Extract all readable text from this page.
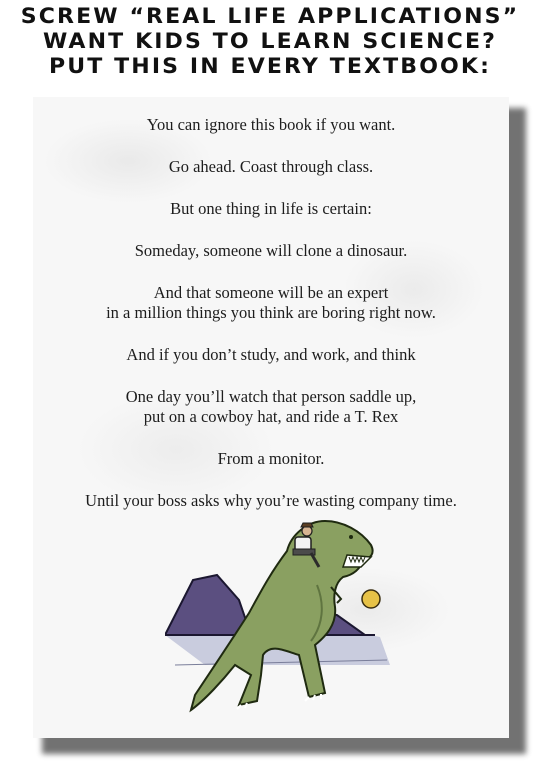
SCREW “REAL LIFE APPLICATIONS”
WANT KIDS TO LEARN SCIENCE?
PUT THIS IN EVERY TEXTBOOK:

You can ignore this book if you want.

Go ahead. Coast through class.

But one thing in life is certain:

Someday, someone will clone a dinosaur.

And that someone will be an expert

in a million things you think are boring right now.

And if you don’t study, and work, and think

One day you’ll watch that person saddle up,

put on a cowboy hat, and ride a T. Rex

From a monitor.

Until your boss asks why you’re wasting company time.
